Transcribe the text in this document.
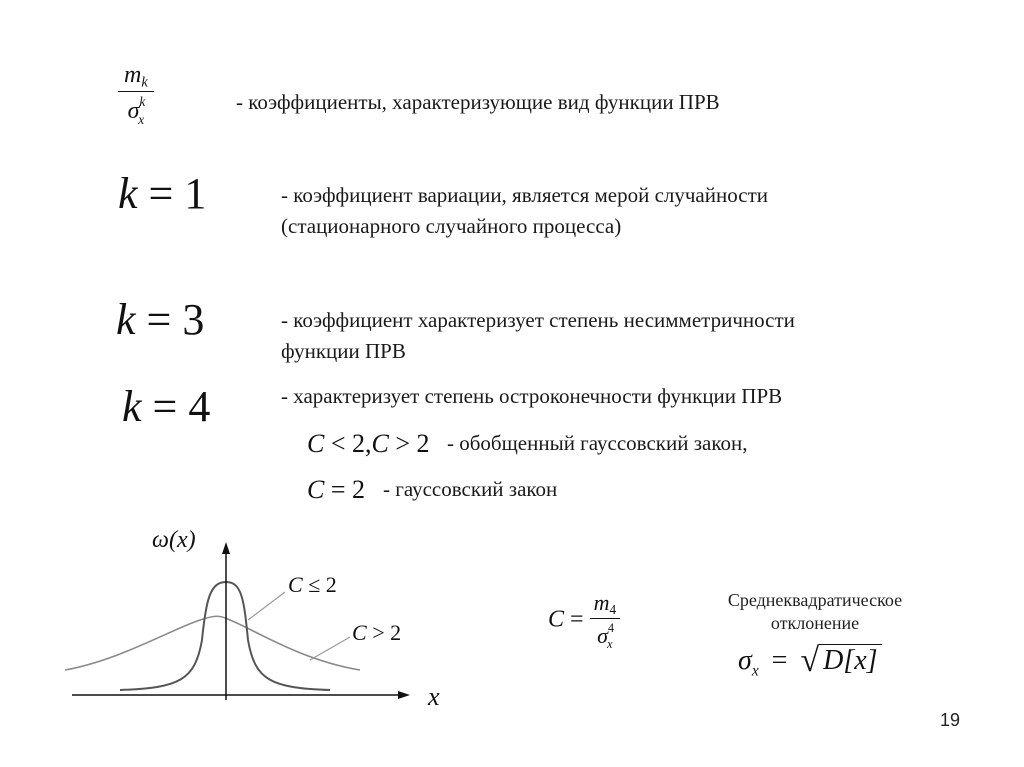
$\frac{m_k}{\sigma^k_x}$	- коэффициенты, характеризующие вид функции ПРВ
k = 1	- коэффициент вариации, является мерой случайности
(стационарного случайного процесса)
k = 3	- коэффициент характеризует степень несимметричности
функции ПРВ
k = 4	- характеризует степень остроконечности функции ПРВ
C < 2,C > 2 - обобщенный гауссовский закон,
C = 2 - гауссовский закон
ω(x)
x
C ≤ 2
C > 2	$C = \frac{m_4}{\sigma^4_x}$	Среднеквадратическое
отклонение
$\sigma_x$ = √ D[x]
19
